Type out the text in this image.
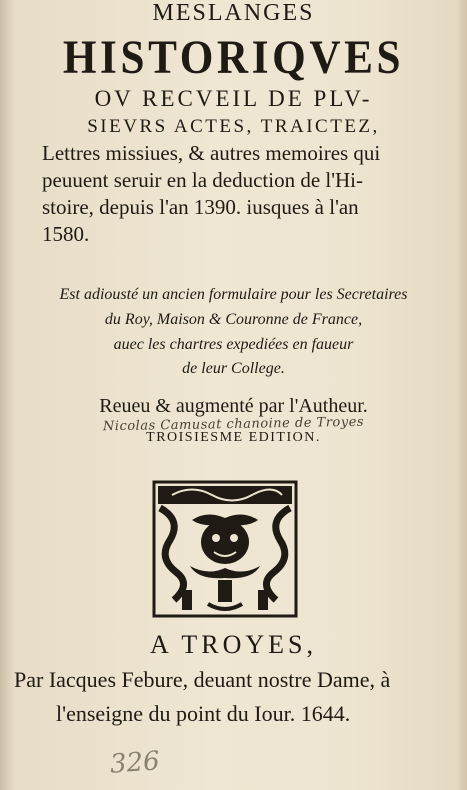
MESLANGES
HISTORIQVES
OV RECVEIL DE PLV-
SIEVRS ACTES, TRAICTEZ,
Lettres missiues, & autres memoires qui
peuuent seruir en la deduction de l'Hi-
stoire, depuis l'an 1390. iusques à l'an
1580.
Est adiousté un ancien formulaire pour les Secretaires
du Roy, Maison & Couronne de France,
auec les chartres expediées en faueur
de leur College.
Reueu & augmenté par l'Autheur.
Nicolas Camusat chanoine de Troyes
TROISIESME EDITION.
A TROYES,
Par Iacques Febure, deuant nostre Dame, à
l'enseigne du point du Iour. 1644.
326
